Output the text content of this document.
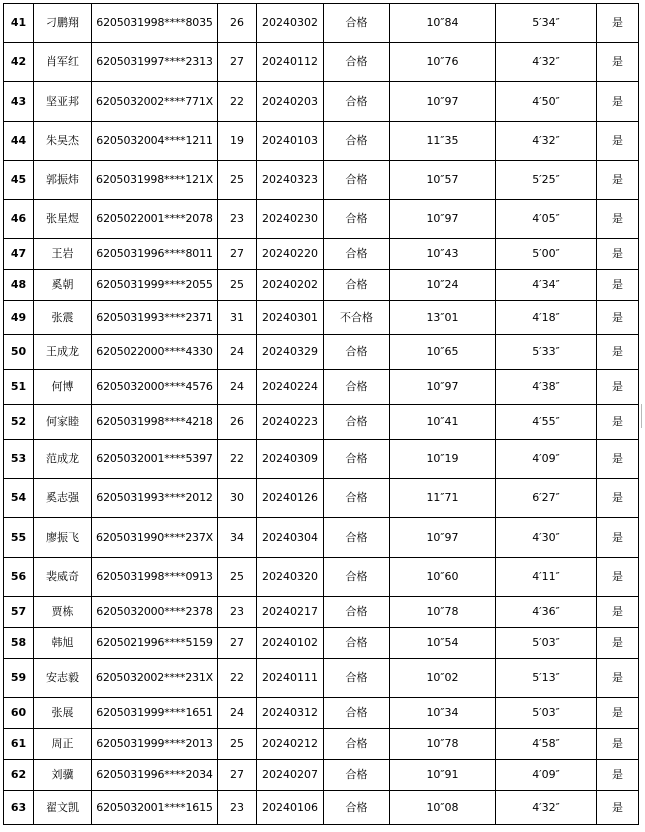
41	刁鹏翔	6205031998****8035	26	20240302	合格	10″84	5′34″	是
42	肖军红	6205031997****2313	27	20240112	合格	10″76	4′32″	是
43	坚亚邦	6205032002****771X	22	20240203	合格	10″97	4′50″	是
44	朱昊杰	6205032004****1211	19	20240103	合格	11″35	4′32″	是
45	郭振炜	6205031998****121X	25	20240323	合格	10″57	5′25″	是
46	张星煜	6205022001****2078	23	20240230	合格	10″97	4′05″	是
47	王岩	6205031996****8011	27	20240220	合格	10″43	5′00″	是
48	奚朝	6205031999****2055	25	20240202	合格	10″24	4′34″	是
49	张震	6205031993****2371	31	20240301	不合格	13″01	4′18″	是
50	王成龙	6205022000****4330	24	20240329	合格	10″65	5′33″	是
51	何博	6205032000****4576	24	20240224	合格	10″97	4′38″	是
52	何家睦	6205031998****4218	26	20240223	合格	10″41	4′55″	是
53	范成龙	6205032001****5397	22	20240309	合格	10″19	4′09″	是
54	奚志强	6205031993****2012	30	20240126	合格	11″71	6′27″	是
55	廖振飞	6205031990****237X	34	20240304	合格	10″97	4′30″	是
56	裴威奇	6205031998****0913	25	20240320	合格	10″60	4′11″	是
57	贾栋	6205032000****2378	23	20240217	合格	10″78	4′36″	是
58	韩旭	6205021996****5159	27	20240102	合格	10″54	5′03″	是
59	安志毅	6205032002****231X	22	20240111	合格	10″02	5′13″	是
60	张展	6205031999****1651	24	20240312	合格	10″34	5′03″	是
61	周正	6205031999****2013	25	20240212	合格	10″78	4′58″	是
62	刘骥	6205031996****2034	27	20240207	合格	10″91	4′09″	是
63	翟文凯	6205032001****1615	23	20240106	合格	10″08	4′32″	是
